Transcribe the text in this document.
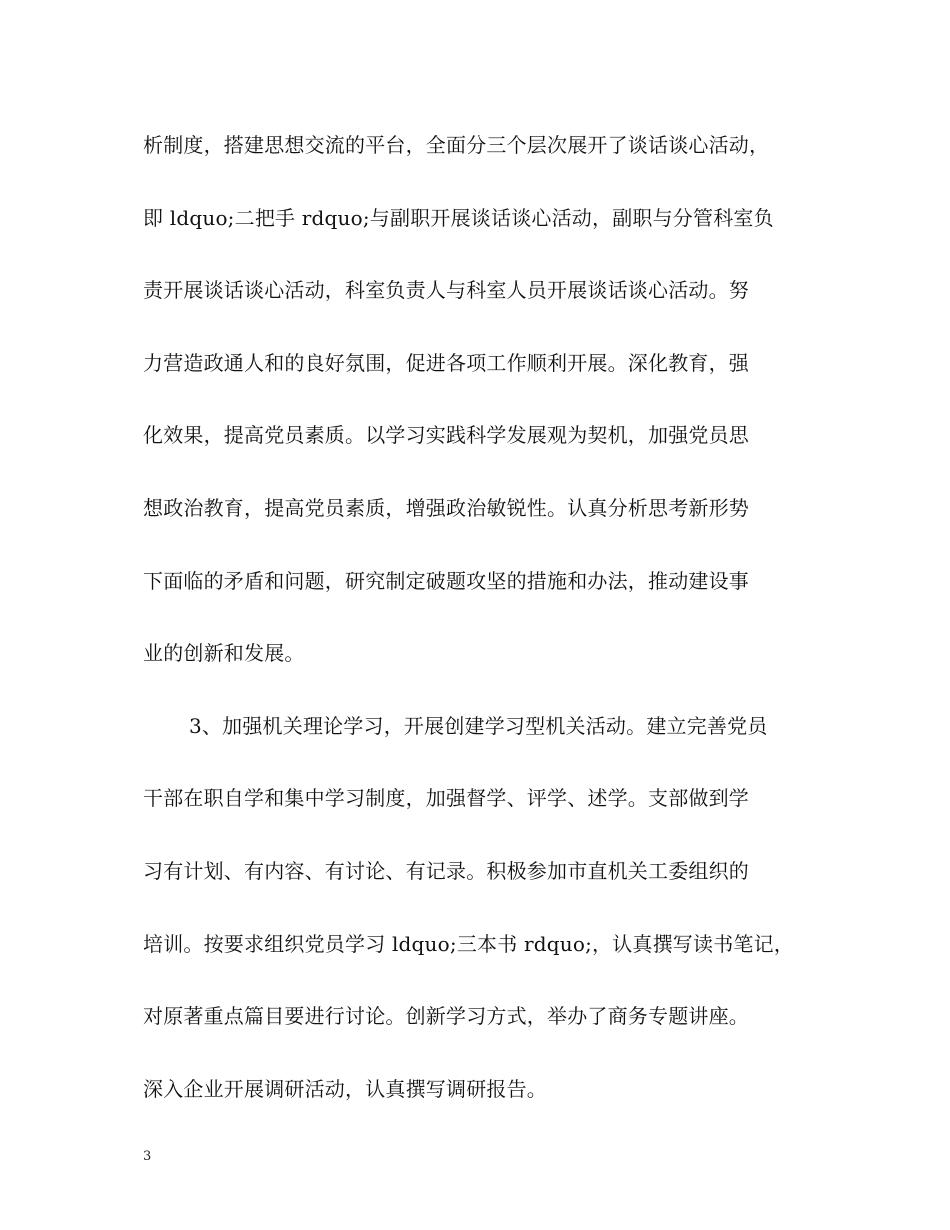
析制度，搭建思想交流的平台，全面分三个层次展开了谈话谈心活动，
即 ldquo;二把手 rdquo;与副职开展谈话谈心活动，副职与分管科室负
责开展谈话谈心活动，科室负责人与科室人员开展谈话谈心活动。努
力营造政通人和的良好氛围，促进各项工作顺利开展。深化教育，强
化效果，提高党员素质。以学习实践科学发展观为契机，加强党员思
想政治教育，提高党员素质，增强政治敏锐性。认真分析思考新形势
下面临的矛盾和问题，研究制定破题攻坚的措施和办法，推动建设事
业的创新和发展。
3、加强机关理论学习，开展创建学习型机关活动。建立完善党员
干部在职自学和集中学习制度，加强督学、评学、述学。支部做到学
习有计划、有内容、有讨论、有记录。积极参加市直机关工委组织的
培训。按要求组织党员学习 ldquo;三本书 rdquo;，认真撰写读书笔记，
对原著重点篇目要进行讨论。创新学习方式，举办了商务专题讲座。
深入企业开展调研活动，认真撰写调研报告。
3
